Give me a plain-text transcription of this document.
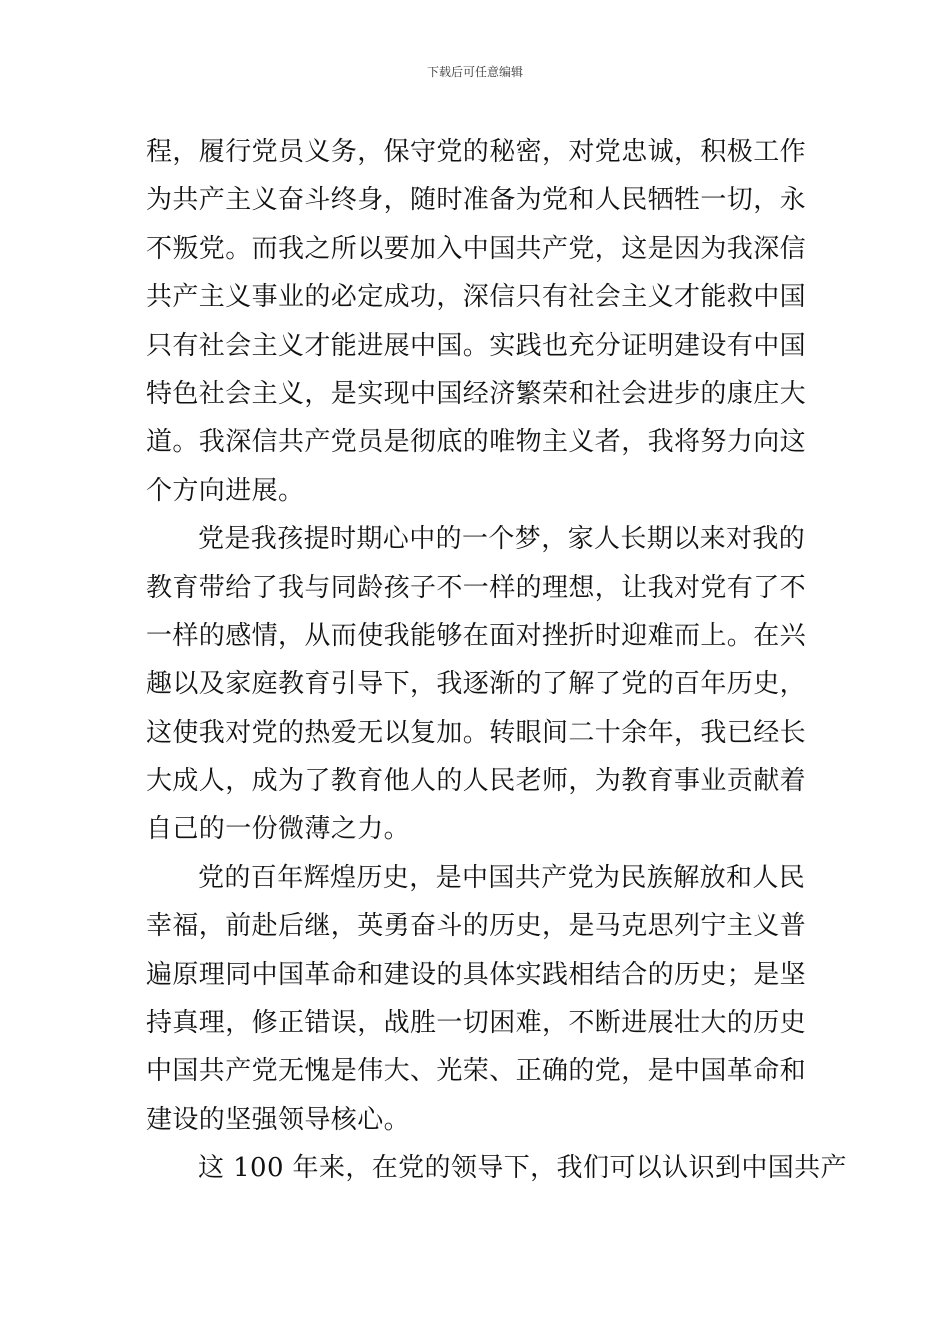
下载后可任意编辑
程，履行党员义务，保守党的秘密，对党忠诚，积极工作
为共产主义奋斗终身，随时准备为党和人民牺牲一切，永
不叛党。而我之所以要加入中国共产党，这是因为我深信
共产主义事业的必定成功，深信只有社会主义才能救中国
只有社会主义才能进展中国。实践也充分证明建设有中国
特色社会主义，是实现中国经济繁荣和社会进步的康庄大
道。我深信共产党员是彻底的唯物主义者，我将努力向这
个方向进展。
党是我孩提时期心中的一个梦，家人长期以来对我的
教育带给了我与同龄孩子不一样的理想，让我对党有了不
一样的感情，从而使我能够在面对挫折时迎难而上。在兴
趣以及家庭教育引导下，我逐渐的了解了党的百年历史，
这使我对党的热爱无以复加。转眼间二十余年，我已经长
大成人，成为了教育他人的人民老师，为教育事业贡献着
自己的一份微薄之力。
党的百年辉煌历史，是中国共产党为民族解放和人民
幸福，前赴后继，英勇奋斗的历史，是马克思列宁主义普
遍原理同中国革命和建设的具体实践相结合的历史；是坚
持真理，修正错误，战胜一切困难，不断进展壮大的历史
中国共产党无愧是伟大、光荣、正确的党，是中国革命和
建设的坚强领导核心。
这 100 年来，在党的领导下，我们可以认识到中国共产
